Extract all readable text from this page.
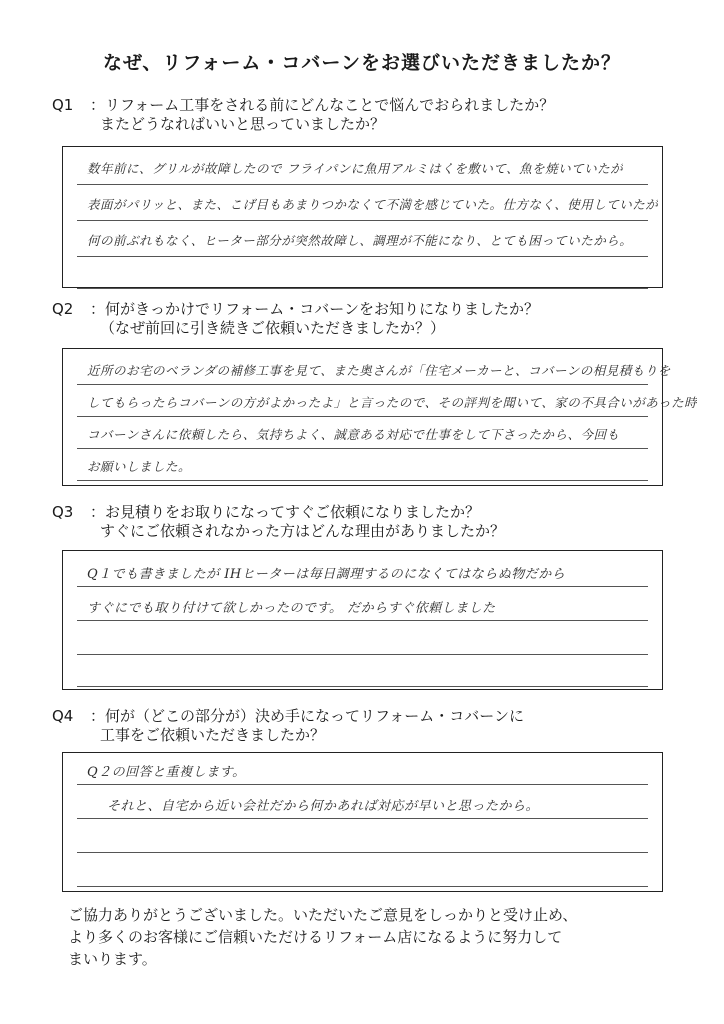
なぜ、リフォーム・コバーンをお選びいただきましたか？
Q1 ：リフォーム工事をされる前にどんなことで悩んでおられましたか？
またどうなればいいと思っていましたか？
数年前に、グリルが故障したので フライパンに魚用アルミはくを敷いて、魚を焼いていたが
表面がパリッと、また、こげ目もあまりつかなくて不満を感じていた。仕方なく、使用していたが
何の前ぶれもなく、ヒーター部分が突然故障し、調理が不能になり、とても困っていたから。
Q2 ：何がきっかけでリフォーム・コバーンをお知りになりましたか？
（なぜ前回に引き続きご依頼いただきましたか？）
近所のお宅のベランダの補修工事を見て、また奥さんが「住宅メーカーと、コバーンの相見積もりを
してもらったらコバーンの方がよかったよ」と言ったので、その評判を聞いて、家の不具合いがあった時
コバーンさんに依頼したら、気持ちよく、誠意ある対応で仕事をして下さったから、今回も
お願いしました。
Q3 ：お見積りをお取りになってすぐご依頼になりましたか？
すぐにご依頼されなかった方はどんな理由がありましたか？
Q１でも書きましたが IHヒーターは毎日調理するのになくてはならぬ物だから
すぐにでも取り付けて欲しかったのです。 だからすぐ依頼しました
Q4 ：何が（どこの部分が）決め手になってリフォーム・コバーンに
工事をご依頼いただきましたか？
Q２の回答と重複します。
それと、自宅から近い会社だから何かあれば対応が早いと思ったから。
ご協力ありがとうございました。いただいたご意見をしっかりと受け止め、
より多くのお客様にご信頼いただけるリフォーム店になるように努力して
まいります。
